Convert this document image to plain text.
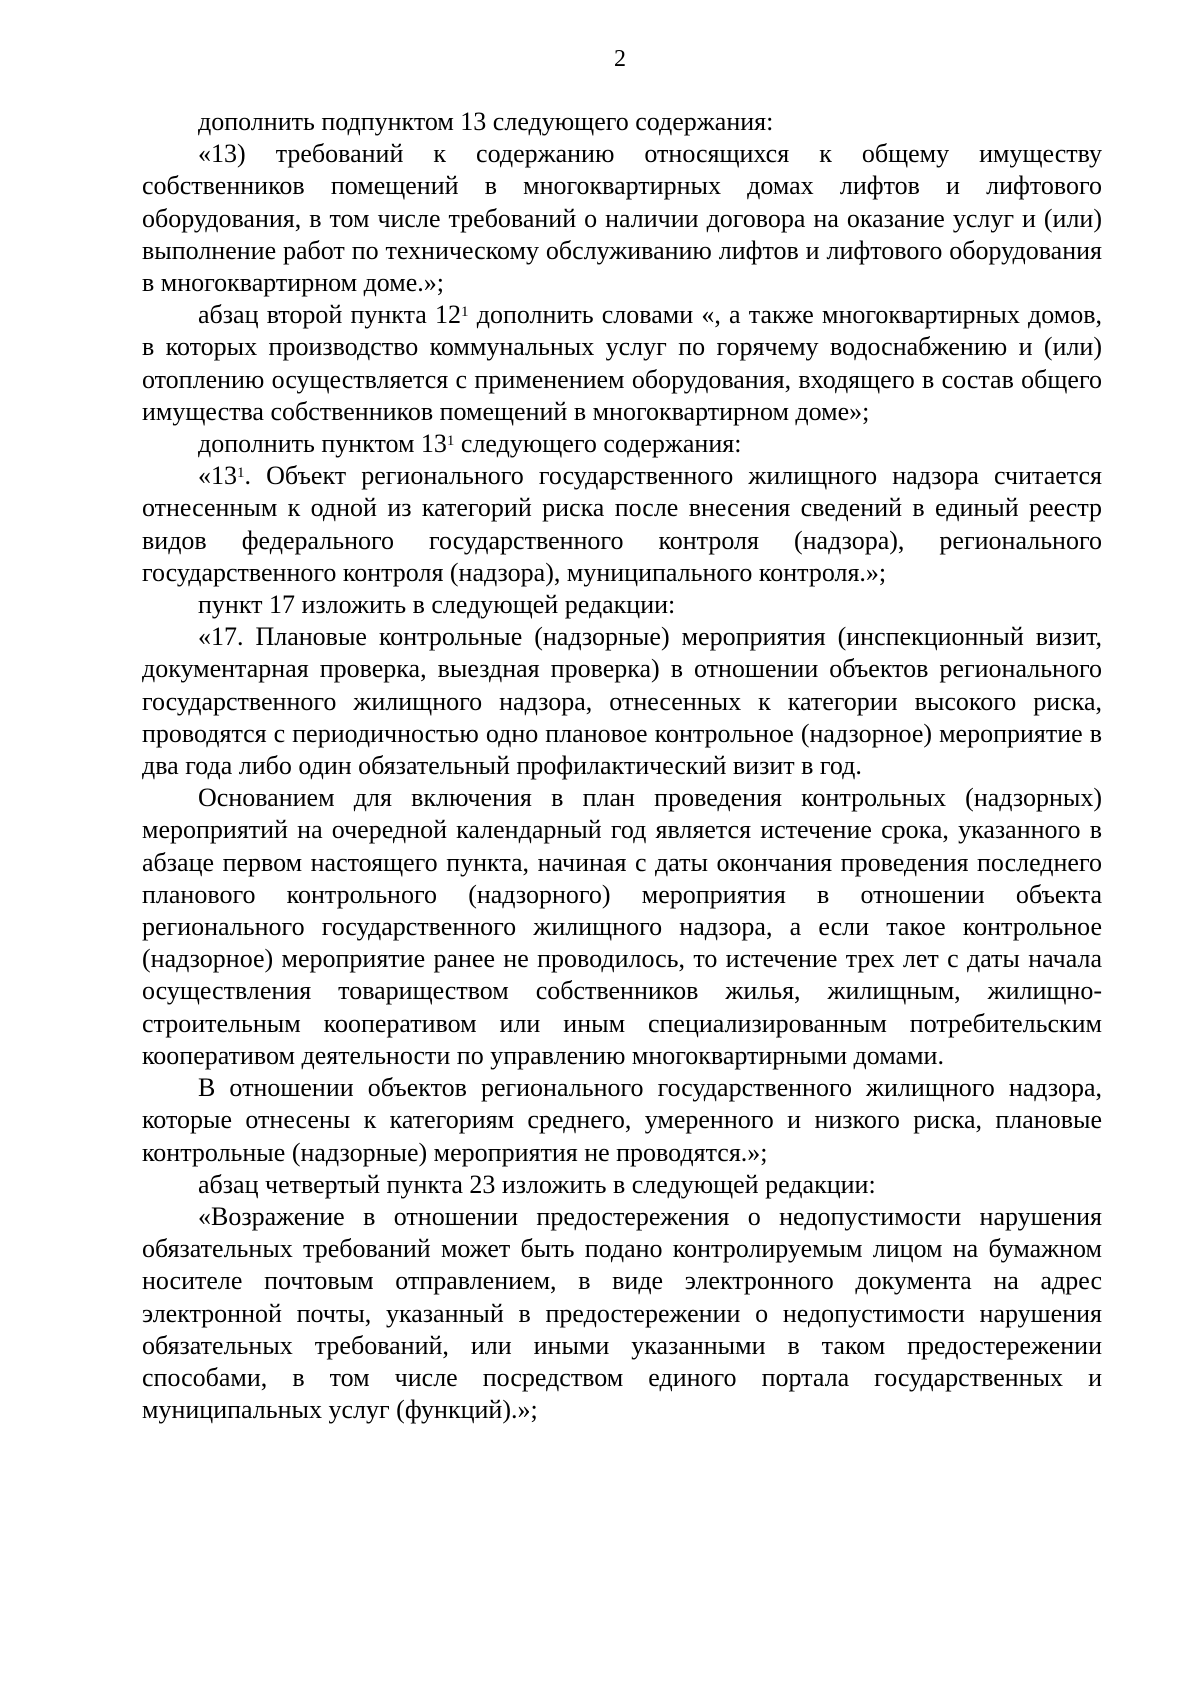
2

дополнить подпунктом 13 следующего содержания:

«13) требований к содержанию относящихся к общему имуществу собственников помещений в многоквартирных домах лифтов и лифтового оборудования, в том числе требований о наличии договора на оказание услуг и (или) выполнение работ по техническому обслуживанию лифтов и лифтового оборудования в многоквартирном доме.»;

абзац второй пункта $12^1$ дополнить словами «, а также многоквартирных домов, в которых производство коммунальных услуг по горячему водоснабжению и (или) отоплению осуществляется с применением оборудования, входящего в состав общего имущества собственников помещений в многоквартирном доме»;

дополнить пунктом $13^1$ следующего содержания:

«$13^1$. Объект регионального государственного жилищного надзора считается отнесенным к одной из категорий риска после внесения сведений в единый реестр видов федерального государственного контроля (надзора), регионального государственного контроля (надзора), муниципального контроля.»;

пункт 17 изложить в следующей редакции:

«17. Плановые контрольные (надзорные) мероприятия (инспекционный визит, документарная проверка, выездная проверка) в отношении объектов регионального государственного жилищного надзора, отнесенных к категории высокого риска, проводятся с периодичностью одно плановое контрольное (надзорное) мероприятие в два года либо один обязательный профилактический визит в год.

Основанием для включения в план проведения контрольных (надзорных) мероприятий на очередной календарный год является истечение срока, указанного в абзаце первом настоящего пункта, начиная с даты окончания проведения последнего планового контрольного (надзорного) мероприятия в отношении объекта регионального государственного жилищного надзора, а если такое контрольное (надзорное) мероприятие ранее не проводилось, то истечение трех лет с даты начала осуществления товариществом собственников жилья, жилищным, жилищно-строительным кооперативом или иным специализированным потребительским кооперативом деятельности по управлению многоквартирными домами.

В отношении объектов регионального государственного жилищного надзора, которые отнесены к категориям среднего, умеренного и низкого риска, плановые контрольные (надзорные) мероприятия не проводятся.»;

абзац четвертый пункта 23 изложить в следующей редакции:

«Возражение в отношении предостережения о недопустимости нарушения обязательных требований может быть подано контролируемым лицом на бумажном носителе почтовым отправлением, в виде электронного документа на адрес электронной почты, указанный в предостережении о недопустимости нарушения обязательных требований, или иными указанными в таком предостережении способами, в том числе посредством единого портала государственных и муниципальных услуг (функций).»;
